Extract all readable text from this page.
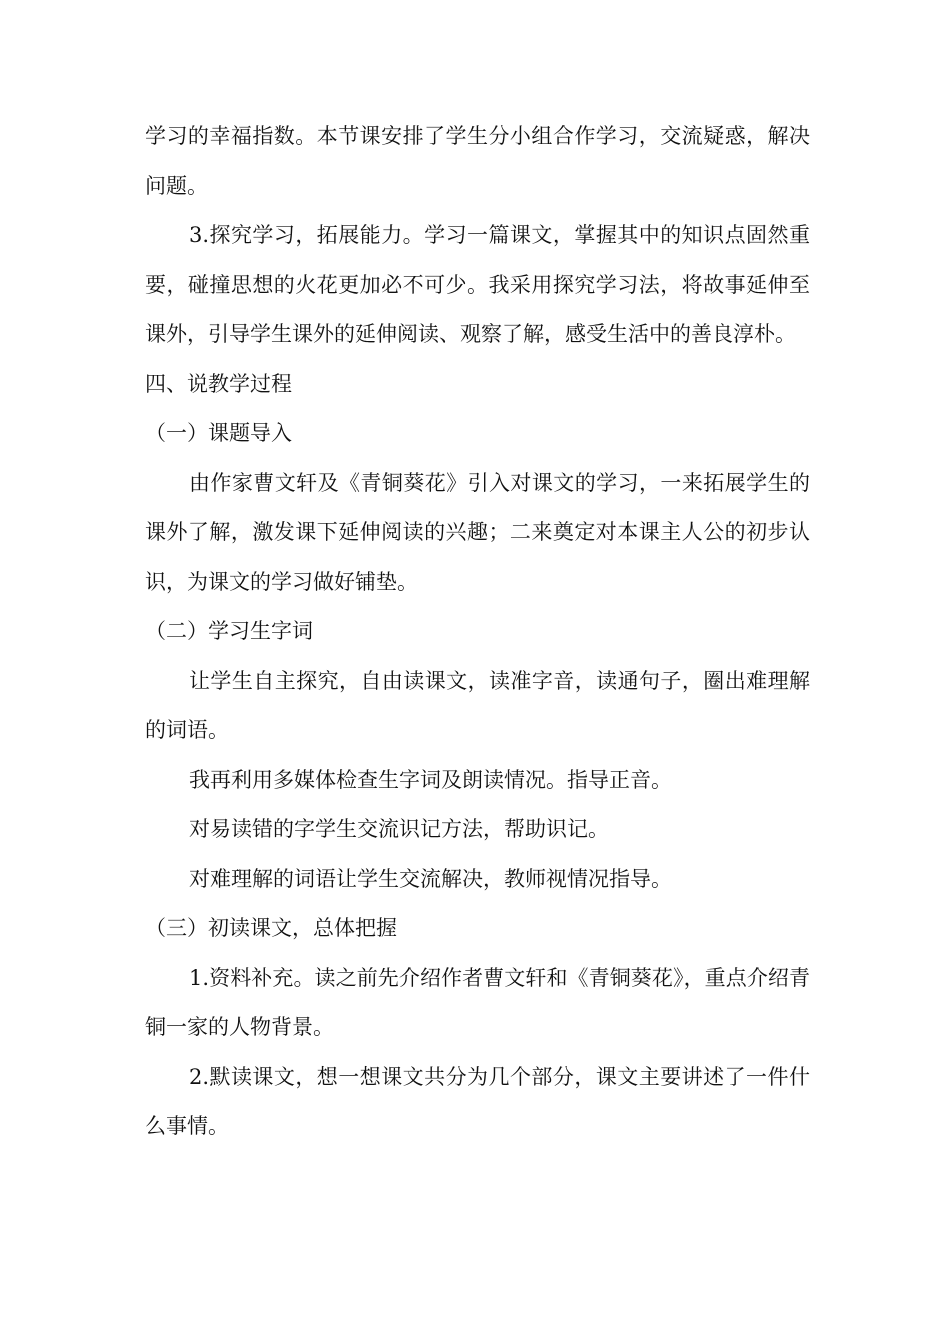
学习的幸福指数。本节课安排了学生分小组合作学习，交流疑惑，解决问题。

3.探究学习，拓展能力。学习一篇课文，掌握其中的知识点固然重要，碰撞思想的火花更加必不可少。我采用探究学习法，将故事延伸至课外，引导学生课外的延伸阅读、观察了解，感受生活中的善良淳朴。

四、说教学过程

（一）课题导入

由作家曹文轩及《青铜葵花》引入对课文的学习，一来拓展学生的课外了解，激发课下延伸阅读的兴趣；二来奠定对本课主人公的初步认识，为课文的学习做好铺垫。

（二）学习生字词

让学生自主探究，自由读课文，读准字音，读通句子，圈出难理解的词语。

我再利用多媒体检查生字词及朗读情况。指导正音。

对易读错的字学生交流识记方法，帮助识记。

对难理解的词语让学生交流解决，教师视情况指导。

（三）初读课文，总体把握

1.资料补充。读之前先介绍作者曹文轩和《青铜葵花》，重点介绍青铜一家的人物背景。

2.默读课文，想一想课文共分为几个部分，课文主要讲述了一件什么事情。
